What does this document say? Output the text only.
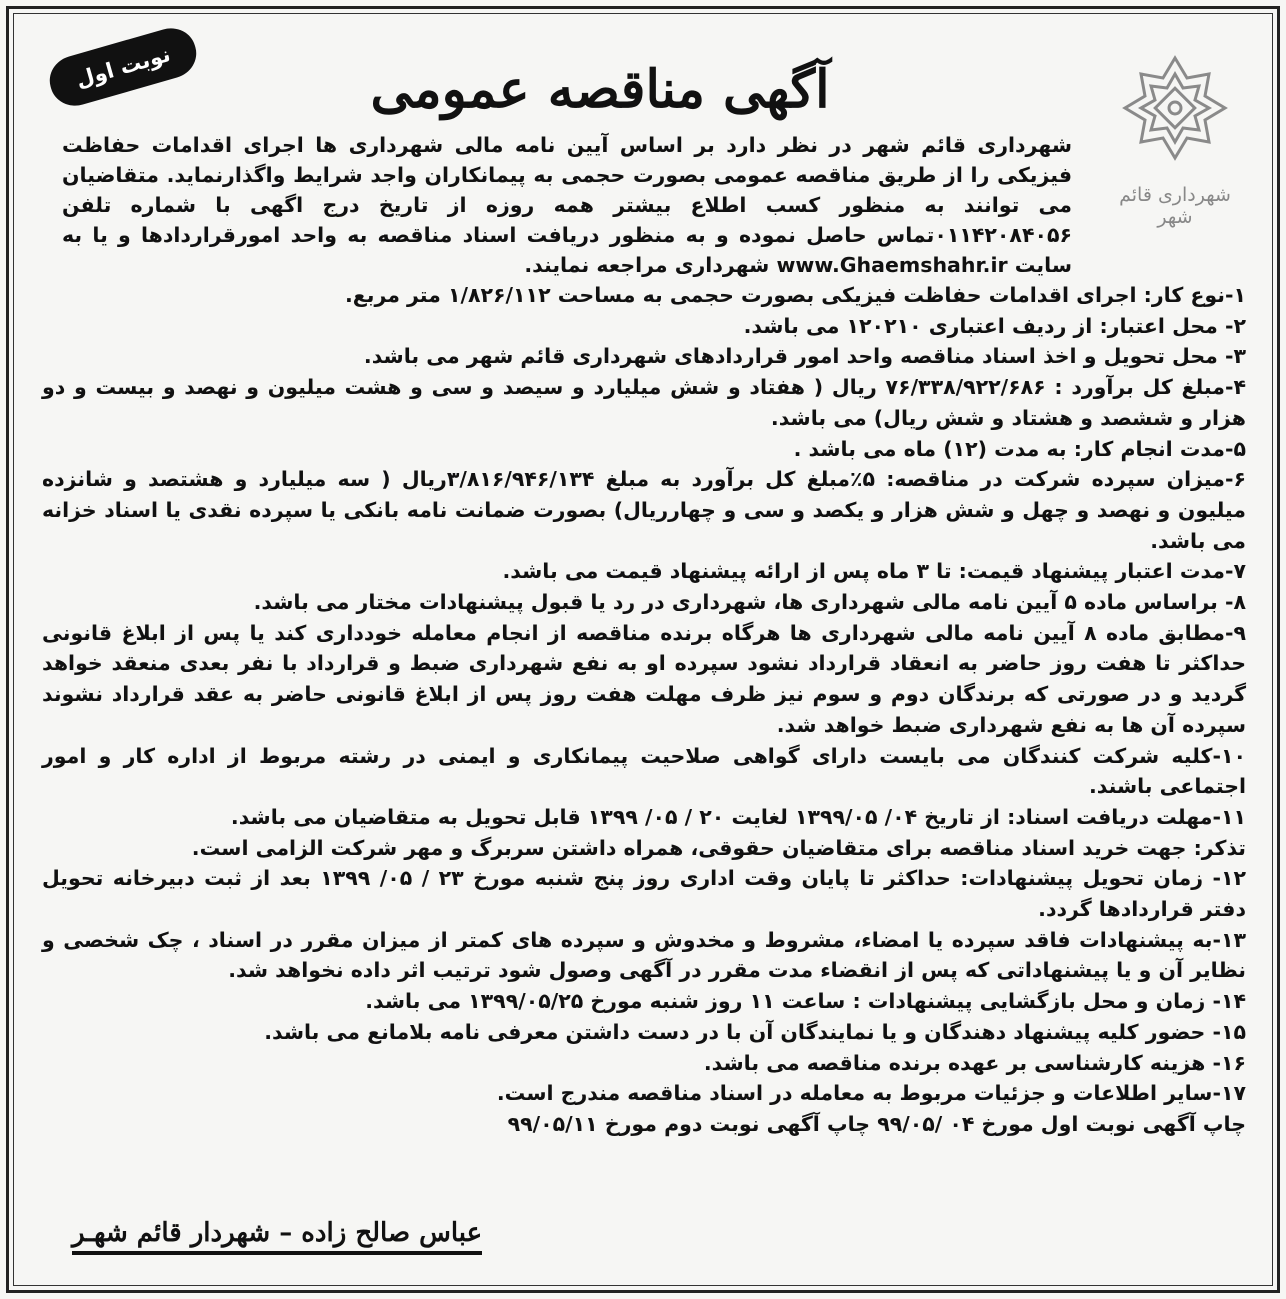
نوبت اول	آگهی مناقصه عمومی
شهرداری قائم شهر
شهرداری قائم شهر در نظر دارد بر اساس آیین نامه مالی شهرداری ها اجرای اقدامات حفاظت فیزیکی را از طریق مناقصه عمومی بصورت حجمی به پیمانکاران واجد شرایط واگذارنماید. متقاضیان می توانند به منظور کسب اطلاع بیشتر همه روزه از تاریخ درج اگهی با شماره تلفن ۰۱۱۴۲۰۸۴۰۵۶تماس حاصل نموده و به منظور دریافت اسناد مناقصه به واحد امورقراردادها و یا به سایت www.Ghaemshahr.ir شهرداری مراجعه نمایند.

۱-نوع کار: اجرای اقدامات حفاظت فیزیکی بصورت حجمی به مساحت ۱/۸۲۶/۱۱۲ متر مربع.

۲- محل اعتبار: از ردیف اعتباری ۱۲۰۲۱۰ می باشد.

۳- محل تحویل و اخذ اسناد مناقصه واحد امور قراردادهای شهرداری قائم شهر می باشد.

۴-مبلغ کل برآورد : ۷۶/۳۳۸/۹۲۲/۶۸۶ ریال ( هفتاد و شش میلیارد و سیصد و سی و هشت میلیون و نهصد و بیست و دو هزار و ششصد و هشتاد و شش ریال) می باشد.

۵-مدت انجام کار: به مدت (۱۲) ماه می باشد .

۶-میزان سپرده شرکت در مناقصه: ۵٪مبلغ کل برآورد به مبلغ ۳/۸۱۶/۹۴۶/۱۳۴ریال ( سه میلیارد و هشتصد و شانزده میلیون و نهصد و چهل و شش هزار و یکصد و سی و چهارریال) بصورت ضمانت نامه بانکی یا سپرده نقدی یا اسناد خزانه می باشد.

۷-مدت اعتبار پیشنهاد قیمت: تا ۳ ماه پس از ارائه پیشنهاد قیمت می باشد.

۸- براساس ماده ۵ آیین نامه مالی شهرداری ها، شهرداری در رد یا قبول پیشنهادات مختار می باشد.

۹-مطابق ماده ۸ آیین نامه مالی شهرداری ها هرگاه برنده مناقصه از انجام معامله خودداری کند یا پس از ابلاغ قانونی حداکثر تا هفت روز حاضر به انعقاد قرارداد نشود سپرده او به نفع شهرداری ضبط و قرارداد با نفر بعدی منعقد خواهد گردید و در صورتی که برندگان دوم و سوم نیز ظرف مهلت هفت روز پس از ابلاغ قانونی حاضر به عقد قرارداد نشوند سپرده آن ها به نفع شهرداری ضبط خواهد شد.

۱۰-کلیه شرکت کنندگان می بایست دارای گواهی صلاحیت پیمانکاری و ایمنی در رشته مربوط از اداره کار و امور اجتماعی باشند.

۱۱-مهلت دریافت اسناد: از تاریخ ۰۴/ ۱۳۹۹/۰۵ لغایت ۲۰ / ۰۵/ ۱۳۹۹ قابل تحویل به متقاضیان می باشد.

تذکر: جهت خرید اسناد مناقصه برای متقاضیان حقوقی، همراه داشتن سربرگ و مهر شرکت الزامی است.

۱۲- زمان تحویل پیشنهادات: حداکثر تا پایان وقت اداری روز پنج شنبه مورخ ۲۳ / ۰۵/ ۱۳۹۹ بعد از ثبت دبیرخانه تحویل دفتر قراردادها گردد.

۱۳-به پیشنهادات فاقد سپرده یا امضاء، مشروط و مخدوش و سپرده های کمتر از میزان مقرر در اسناد ، چک شخصی و نظایر آن و یا پیشنهاداتی که پس از انقضاء مدت مقرر در آگهی وصول شود ترتیب اثر داده نخواهد شد.

۱۴- زمان و محل بازگشایی پیشنهادات : ساعت ۱۱ روز شنبه مورخ ۱۳۹۹/۰۵/۲۵ می باشد.

۱۵- حضور کلیه پیشنهاد دهندگان و یا نمایندگان آن با در دست داشتن معرفی نامه بلامانع می باشد.

۱۶- هزینه کارشناسی بر عهده برنده مناقصه می باشد.

۱۷-سایر اطلاعات و جزئیات مربوط به معامله در اسناد مناقصه مندرج است.

چاپ آگهی نوبت اول مورخ ۰۴ /۹۹/۰۵ چاپ آگهی نوبت دوم مورخ ۹۹/۰۵/۱۱

عباس صالح زاده – شهردار قائم شهـر
